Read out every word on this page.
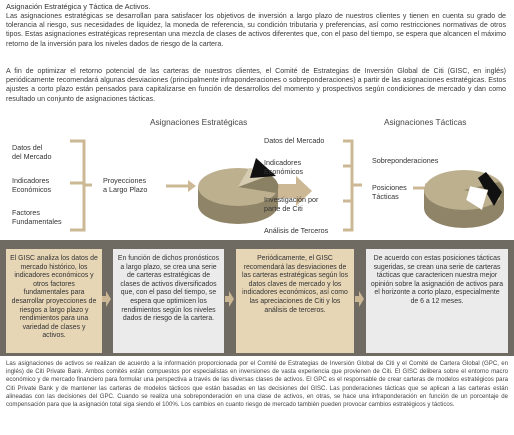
Asignación Estratégica y Táctica de Activos.
Las asignaciones estratégicas se desarrollan para satisfacer los objetivos de inversión a largo plazo de nuestros clientes y tienen en cuenta su grado de tolerancia al riesgo, sus necesidades de liquidez, la moneda de referencia, su condición tributaria y preferencias, así como restricciones normativas de otros tipos. Estas asignaciones estratégicas representan una mezcla de clases de activos diferentes que, con el paso del tiempo, se espera que alcancen el máximo retorno de la inversión para los niveles dados de riesgo de la cartera.
A fin de optimizar el retorno potencial de las carteras de nuestros clientes, el Comité de Estrategias de Inversión Global de Citi (GISC, en inglés) periódicamente recomendará algunas desviaciones (principalmente infraponderaciones o sobreponderaciones) a partir de las asignaciones estratégicas. Estos ajustes a corto plazo están pensados para capitalizarse en función de desarrollos del momento y prospectivos según condiciones de mercado y dan como resultado un conjunto de asignaciones tácticas.
Asignaciones Estratégicas	Asignaciones Tácticas
Datos del
del Mercado
Indicadores
Económicos
Factores
Fundamentales
Proyecciones
a Largo Plazo
Datos del Mercado
Indicadores
Económicos
Investigación por
parte de Citi
Análisis de Terceros
Sobreponderaciones
Posiciones
Tácticas
El GISC analiza los datos de mercado histórico, los indicadores económicos y otros factores fundamentales para desarrollar proyecciones de riesgos a largo plazo y rendimientos para una variedad de clases y activos.
En función de dichos pronósticos a largo plazo, se crea una serie de carteras estratégicas de clases de activos diversificados que, con el paso del tiempo, se espera que optimicen los rendimientos según los niveles dados de riesgo de la cartera.
Periódicamente, el GISC recomendará las desviaciones de las carteras estratégicas según los datos claves de mercado y los indicadores económicos, así como las apreciaciones de Citi y los análisis de terceros.
De acuerdo con estas posiciones tácticas sugeridas, se crean una serie de carteras tácticas que caractericen nuestra mejor opinión sobre la asignación de activos para el horizonte a corto plazo, especialmente de 6 a 12 meses.
Las asignaciones de activos se realizan de acuerdo a la información proporcionada por el Comité de Estrategias de Inversión Global de Citi y el Comité de Cartera Global (GPC, en inglés) de Citi Private Bank. Ambos comités están compuestos por especialistas en inversiones de vasta experiencia que provienen de Citi. El GISC delibera sobre el entorno macro económico y de mercado financiero para formular una perspectiva a través de las diversas clases de activos. El GPC es el responsable de crear carteras de modelos estratégicos para Citi Private Bank y de mantener las carteras de modelos tácticos que están basadas en las decisiones del GISC. Las ponderaciones tácticas que se aplican a las carteras están alineadas con las decisiones del GPC. Cuando se realiza una sobreponderación en una clase de activos, en otras, se hace una infraponderación en función de un porcentaje de compensación para que la asignación total siga siendo el 100%. Los cambios en cuanto riesgo de mercado también pueden provocar cambios estratégicos y tácticos.
